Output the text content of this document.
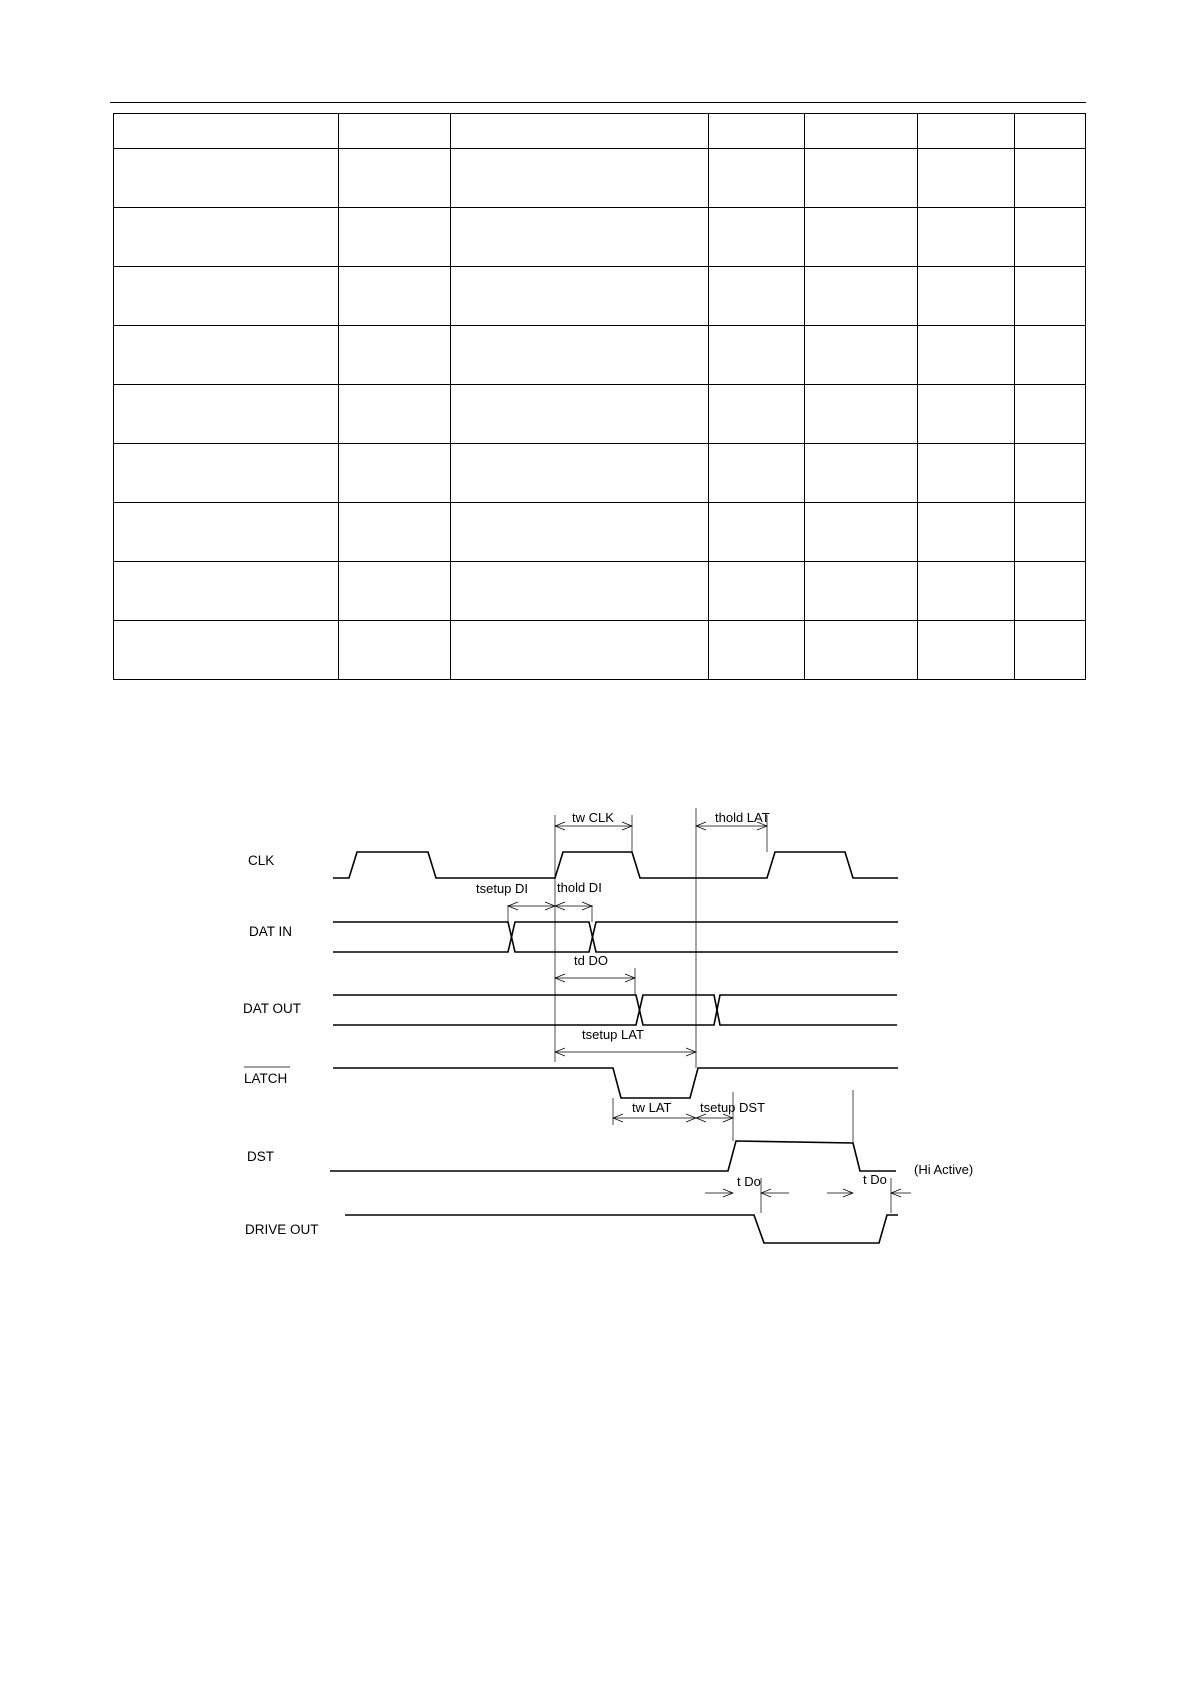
CLK
DAT IN
DAT OUT
LATCH
DST
DRIVE OUT
tw CLK	thold LAT
tsetup DI thold DI
td DO
tsetup LAT
tw LAT tsetup DST
t Do	t Do
(Hi Active)
